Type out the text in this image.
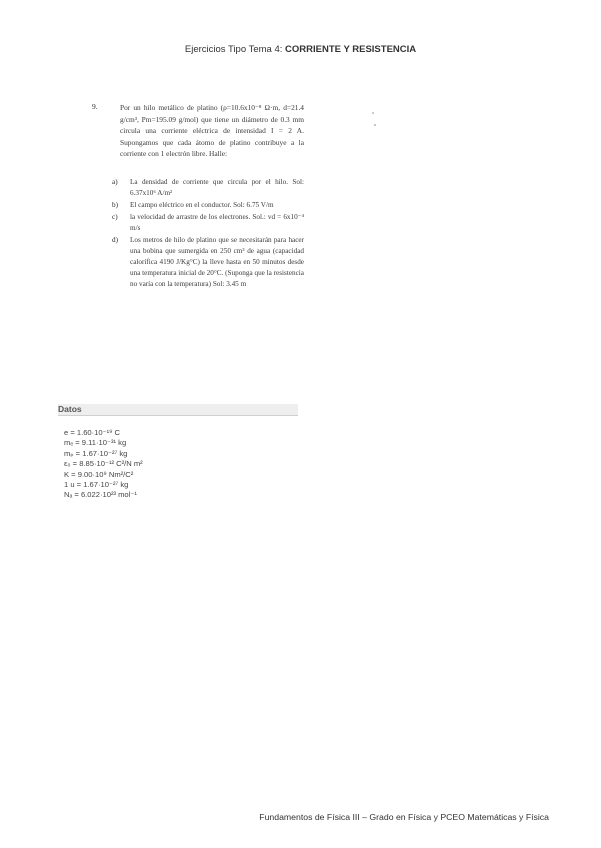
Ejercicios Tipo Tema 4: CORRIENTE Y RESISTENCIA
9.	Por un hilo metálico de platino (ρ=10.6x10⁻⁸ Ω·m, d=21.4 g/cm³, Pm=195.09 g/mol) que tiene un diámetro de 0.3 mm circula una corriente eléctrica de intensidad I = 2 A. Supongamos que cada átomo de platino contribuye a la corriente con 1 electrón libre. Halle:
a) La densidad de corriente que circula por el hilo. Sol: 6.37x10⁶ A/m²
b) El campo eléctrico en el conductor. Sol: 6.75 V/m
c) la velocidad de arrastre de los electrones. Sol.: vd = 6x10⁻⁴ m/s
d) Los metros de hilo de platino que se necesitarán para hacer una bobina que sumergida en 250 cm³ de agua (capacidad calorífica 4190 J/Kg°C) la lleve hasta en 50 minutos desde una temperatura inicial de 20°C. (Suponga que la resistencia no varía con la temperatura) Sol: 3.45 m
Datos
e = 1.60·10⁻¹⁹ C
mₑ = 9.11·10⁻³¹ kg
mₚ = 1.67·10⁻²⁷ kg
ε₀ = 8.85·10⁻¹² C²/N m²
K = 9.00·10⁹ Nm²/C²
1 u = 1.67·10⁻²⁷ kg
Nₐ = 6.022·10²³ mol⁻¹
Fundamentos de Física III – Grado en Física y PCEO Matemáticas y Física
